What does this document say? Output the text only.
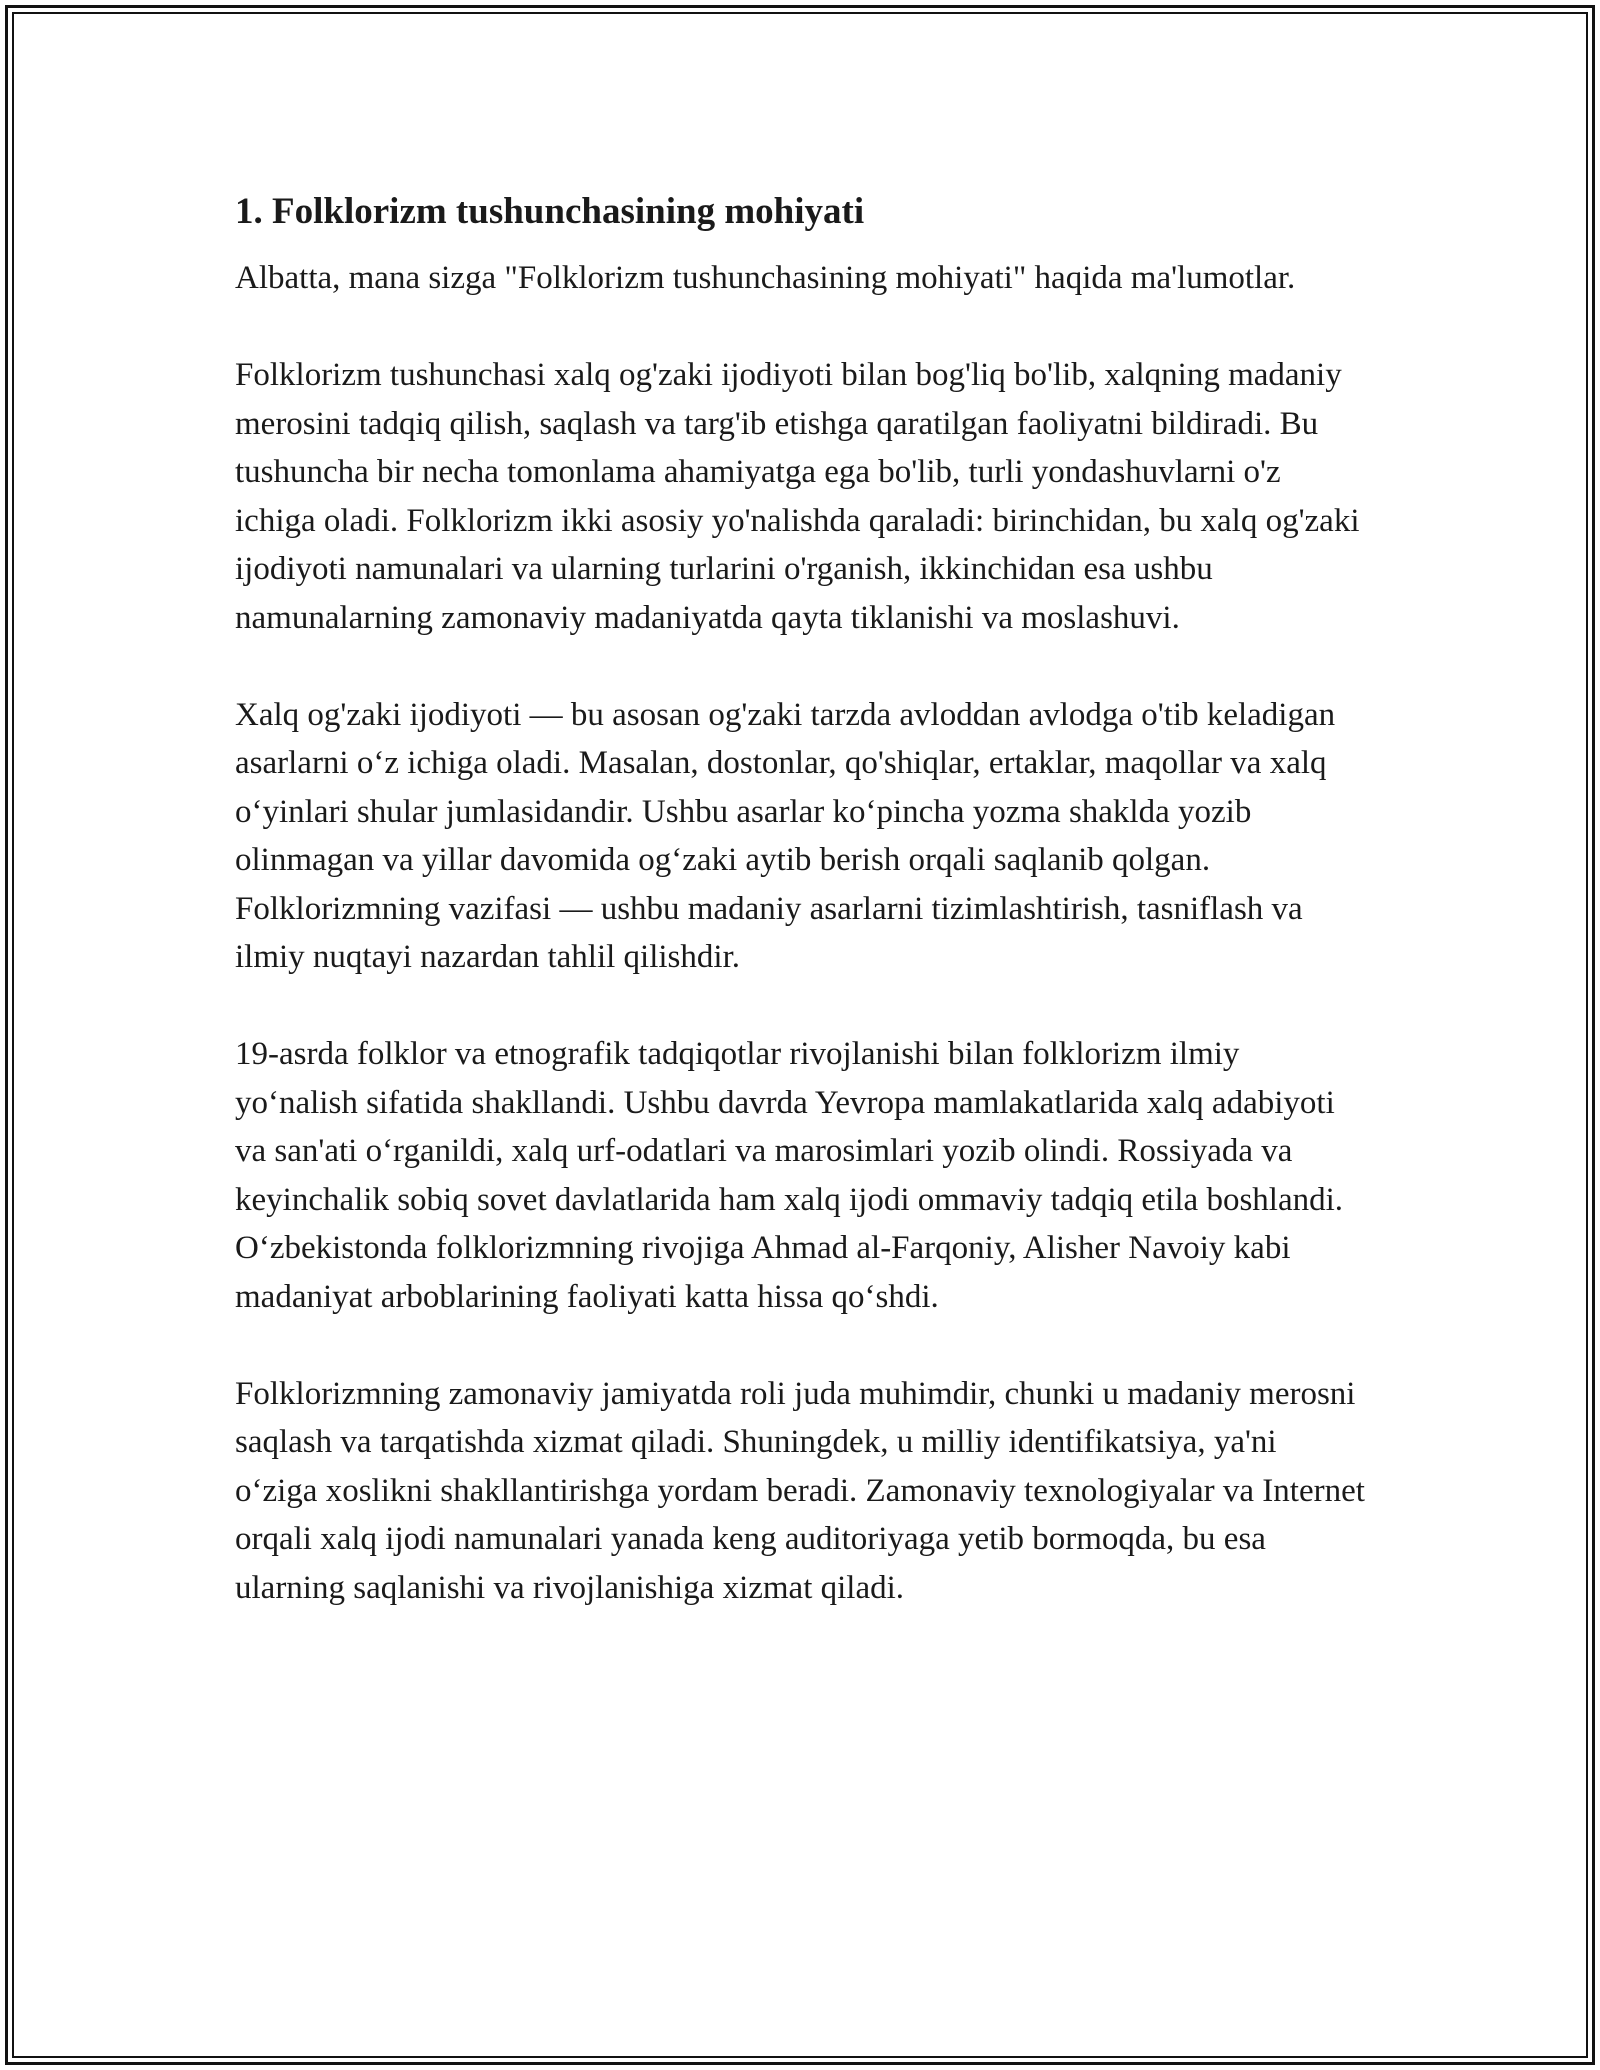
1. Folklorizm tushunchasining mohiyati

Albatta, mana sizga "Folklorizm tushunchasining mohiyati" haqida ma'lumotlar.

Folklorizm tushunchasi xalq og'zaki ijodiyoti bilan bog'liq bo'lib, xalqning madaniy merosini tadqiq qilish, saqlash va targ'ib etishga qaratilgan faoliyatni bildiradi. Bu tushuncha bir necha tomonlama ahamiyatga ega bo'lib, turli yondashuvlarni o'z ichiga oladi. Folklorizm ikki asosiy yo'nalishda qaraladi: birinchidan, bu xalq og'zaki ijodiyoti namunalari va ularning turlarini o'rganish, ikkinchidan esa ushbu namunalarning zamonaviy madaniyatda qayta tiklanishi va moslashuvi.

Xalq og'zaki ijodiyoti — bu asosan og'zaki tarzda avloddan avlodga o'tib keladigan asarlarni oʻz ichiga oladi. Masalan, dostonlar, qo'shiqlar, ertaklar, maqollar va xalq oʻyinlari shular jumlasidandir. Ushbu asarlar koʻpincha yozma shakldа yozib olinmagan va yillar davomida ogʻzaki aytib berish orqali saqlanib qolgan. Folklorizmning vazifasi — ushbu madaniy asarlarni tizimlashtirish, tasniflash va ilmiy nuqtayi nazardan tahlil qilishdir.

19-asrda folklor va etnografik tadqiqotlar rivojlanishi bilan folklorizm ilmiy yoʻnalish sifatida shakllandi. Ushbu davrda Yevropa mamlakatlarida xalq adabiyoti va san'ati oʻrganildi, xalq urf-odatlari va marosimlari yozib olindi. Rossiyada va keyinchalik sobiq sovet davlatlarida ham xalq ijodi ommaviy tadqiq etila boshlandi. Oʻzbekistonda folklorizmning rivojiga Ahmad al-Farqoniy, Alisher Navoiy kabi madaniyat arboblarining faoliyati katta hissa qoʻshdi.

Folklorizmning zamonaviy jamiyatda roli juda muhimdir, chunki u madaniy merosni saqlash va tarqatishda xizmat qiladi. Shuningdek, u milliy identifikatsiya, ya'ni oʻziga xoslikni shakllantirishga yordam beradi. Zamonaviy texnologiyalar va Internet orqali xalq ijodi namunalari yanada keng auditoriyaga yetib bormoqda, bu esa ularning saqlanishi va rivojlanishiga xizmat qiladi.
